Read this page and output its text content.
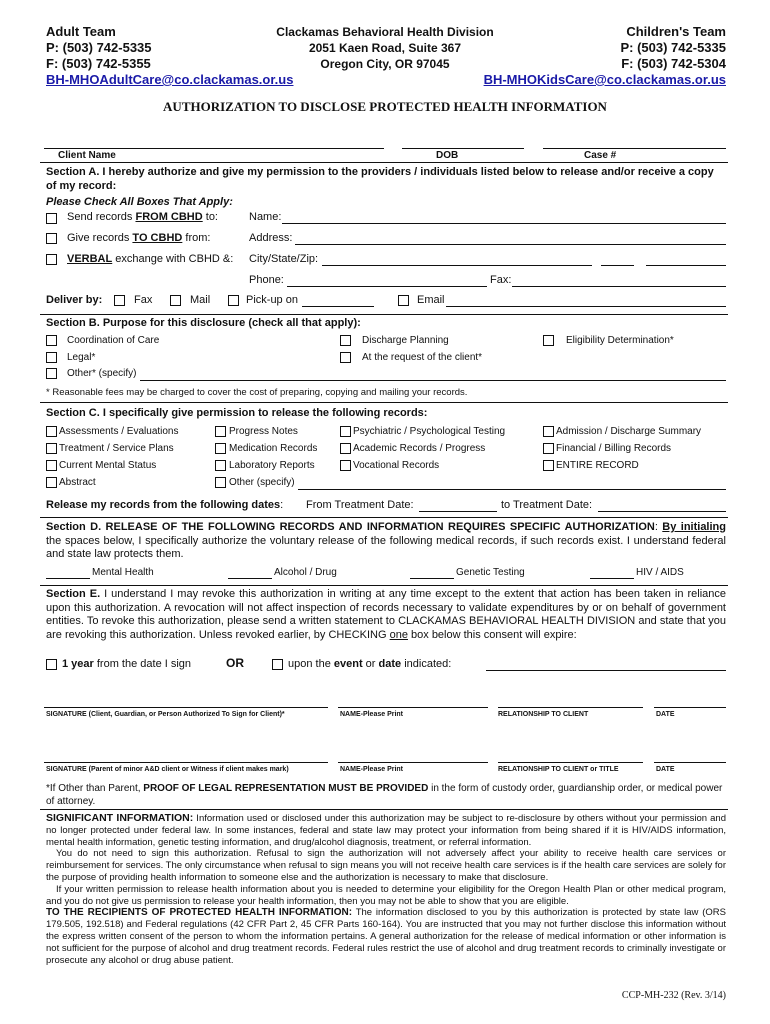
Adult Team
P: (503) 742-5335
F: (503) 742-5355
BH-MHOAdultCare@co.clackamas.or.us
Clackamas Behavioral Health Division
2051 Kaen Road, Suite 367
Oregon City, OR 97045
Children's Team
P: (503) 742-5335
F: (503) 742-5304
BH-MHOKidsCare@co.clackamas.or.us
AUTHORIZATION TO DISCLOSE PROTECTED HEALTH INFORMATION
Client Name	DOB	Case #
Section A. I hereby authorize and give my permission to the providers / individuals listed below to release and/or receive a copy of my record:
Please Check All Boxes That Apply:
Send records FROM CBHD to:
Give records TO CBHD from:
VERBAL exchange with CBHD &:
Name:
Address:
City/State/Zip:
Phone:	Fax:
Deliver by:	Fax	Mail	Pick-up on	Email
Section B. Purpose for this disclosure (check all that apply):
Coordination of Care	Discharge Planning	Eligibility Determination*
Legal*	At the request of the client*
Other* (specify)
* Reasonable fees may be charged to cover the cost of preparing, copying and mailing your records.
Section C. I specifically give permission to release the following records:
Assessments / Evaluations	Progress Notes	Psychiatric / Psychological Testing	Admission / Discharge Summary
Treatment / Service Plans	Medication Records	Academic Records / Progress	Financial / Billing Records
Current Mental Status	Laboratory Reports	Vocational Records	ENTIRE RECORD
Abstract	Other (specify)
Release my records from the following dates: From Treatment Date:	to Treatment Date:
Section D. RELEASE OF THE FOLLOWING RECORDS AND INFORMATION REQUIRES SPECIFIC AUTHORIZATION: By initialing the spaces below, I specifically authorize the voluntary release of the following medical records, if such records exist. I understand federal and state law protects them.
Mental Health	Alcohol / Drug	Genetic Testing	HIV / AIDS
Section E. I understand I may revoke this authorization in writing at any time except to the extent that action has been taken in reliance upon this authorization. A revocation will not affect inspection of records necessary to validate expenditures by or on behalf of government entities. To revoke this authorization, please send a written statement to CLACKAMAS BEHAVIORAL HEALTH DIVISION and state that you are revoking this authorization. Unless revoked earlier, by CHECKING one box below this consent will expire:
1 year from the date I sign	OR	upon the event or date indicated:
SIGNATURE (Client, Guardian, or Person Authorized To Sign for Client)*	NAME-Please Print	RELATIONSHIP TO CLIENT	DATE
SIGNATURE (Parent of minor A&D client or Witness if client makes mark)	NAME-Please Print	RELATIONSHIP TO CLIENT or TITLE	DATE
*If Other than Parent, PROOF OF LEGAL REPRESENTATION MUST BE PROVIDED in the form of custody order, guardianship order, or medical power of attorney.
SIGNIFICANT INFORMATION: Information used or disclosed under this authorization may be subject to re-disclosure by others without your permission and no longer protected under federal law. In some instances, federal and state law may protect your information from being shared if it is HIV/AIDS information, mental health information, genetic testing information, and drug/alcohol diagnosis, treatment, or referral information.
You do not need to sign this authorization. Refusal to sign the authorization will not adversely affect your ability to receive health care services or reimbursement for services. The only circumstance when refusal to sign means you will not receive health care services is if the health care services are solely for the purpose of providing health information to someone else and the authorization is necessary to make that disclosure.
If your written permission to release health information about you is needed to determine your eligibility for the Oregon Health Plan or other medical program, and you do not give us permission to release your health information, then you may not be able to show that you are eligible.
TO THE RECIPIENTS OF PROTECTED HEALTH INFORMATION: The information disclosed to you by this authorization is protected by state law (ORS 179.505, 192.518) and Federal regulations (42 CFR Part 2, 45 CFR Parts 160-164). You are instructed that you may not further disclose this information without the express written consent of the person to whom the information pertains. A general authorization for the release of medical information or other information is not sufficient for the purpose of alcohol and drug treatment records. Federal rules restrict the use of alcohol and drug treatment records to criminally investigate or prosecute any alcohol or drug abuse patient.
CCP-MH-232 (Rev. 3/14)
